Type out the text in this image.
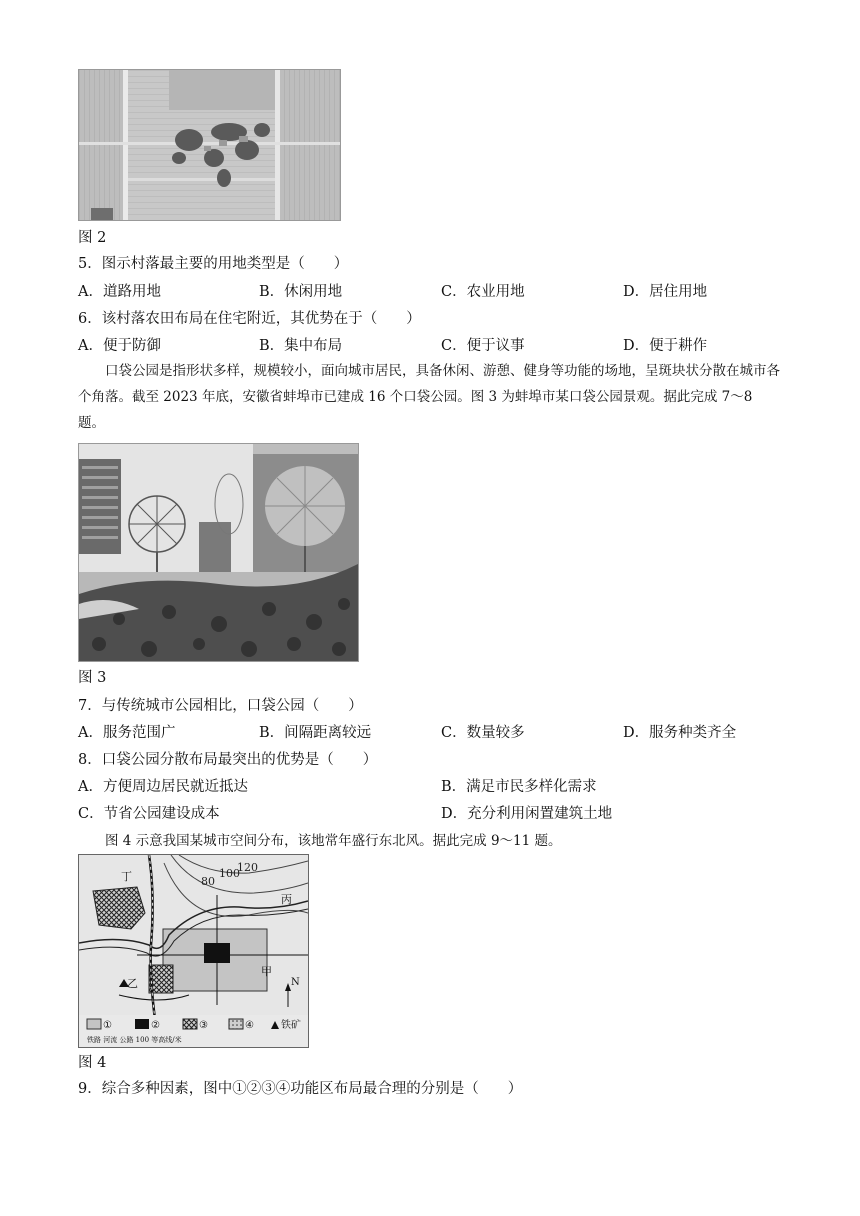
图 2
5．图示村落最主要的用地类型是（　　）
A．道路用地	B．休闲用地	C．农业用地	D．居住用地
6．该村落农田布局在住宅附近，其优势在于（　　）
A．便于防御	B．集中布局	C．便于议事	D．便于耕作
口袋公园是指形状多样，规模较小，面向城市居民，具备休闲、游憩、健身等功能的场地，呈斑块状分散在城市各个角落。截至 2023 年底，安徽省蚌埠市已建成 16 个口袋公园。图 3 为蚌埠市某口袋公园景观。据此完成 7～8 题。
图 3
7．与传统城市公园相比，口袋公园（　　）
A．服务范围广	B．间隔距离较远	C．数量较多	D．服务种类齐全
8．口袋公园分散布局最突出的优势是（　　）
A．方便周边居民就近抵达	B．满足市民多样化需求
C．节省公园建设成本	D．充分利用闲置建筑土地
图 4 示意我国某城市空间分布，该地常年盛行东北风。据此完成 9～11 题。
120
100
80
丁
丙
甲
乙	N
①	②	③	④	铁矿
铁路 河流 公路 100 等高线/米
图 4
9．综合多种因素，图中①②③④功能区布局最合理的分别是（　　）
